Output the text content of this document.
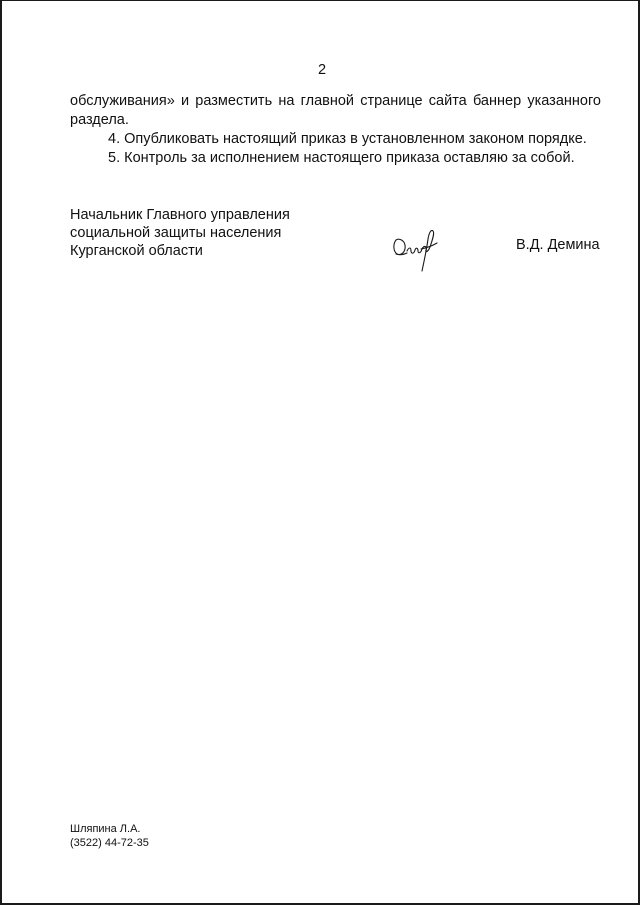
2
обслуживания» и разместить на главной странице сайта баннер указанного
раздела.
4. Опубликовать настоящий приказ в установленном законом порядке.
5. Контроль за исполнением настоящего приказа оставляю за собой.
Начальник Главного управления
социальной защиты населения
Курганской области	В.Д. Демина
Шляпина Л.А.
(3522) 44-72-35
